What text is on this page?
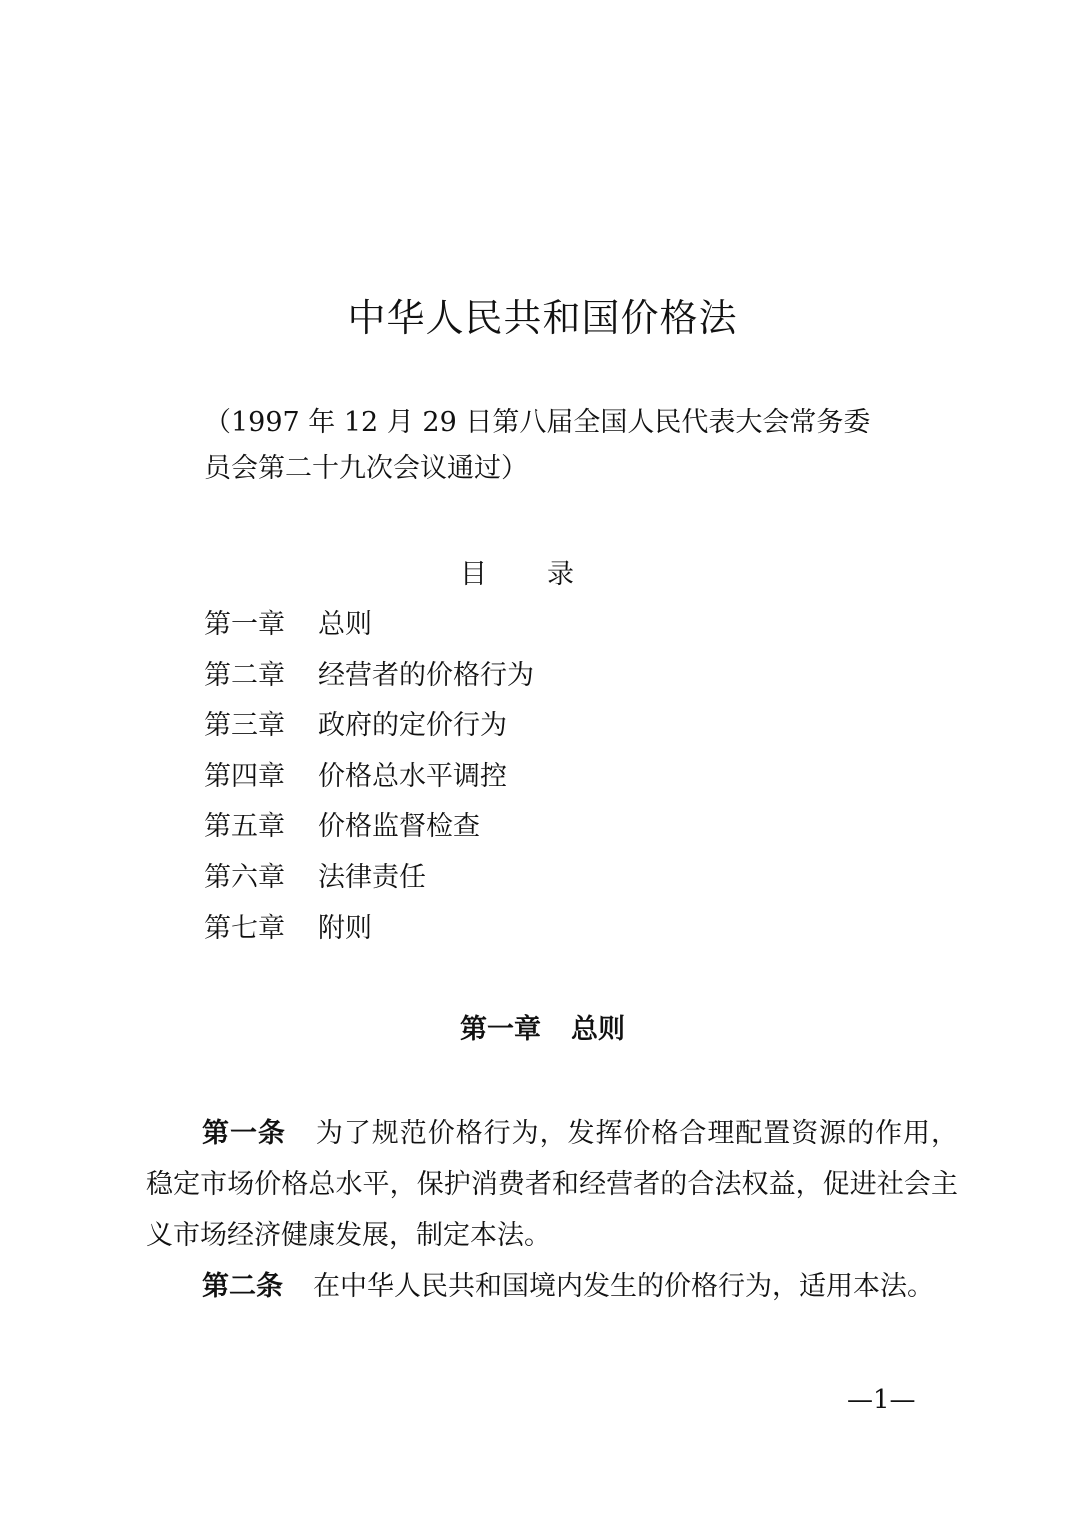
中华人民共和国价格法

（1997 年 12 月 29 日第八届全国人民代表大会常务委
员会第二十九次会议通过）

目 录
第一章 总则
第二章 经营者的价格行为
第三章 政府的定价行为
第四章 价格总水平调控
第五章 价格监督检查
第六章 法律责任
第七章 附则
第一章 总则

第一条 为了规范价格行为，发挥价格合理配置资源的作用，稳定市场价格总水平，保护消费者和经营者的合法权益，促进社会主义市场经济健康发展，制定本法。

第二条 在中华人民共和国境内发生的价格行为，适用本法。

—1—
